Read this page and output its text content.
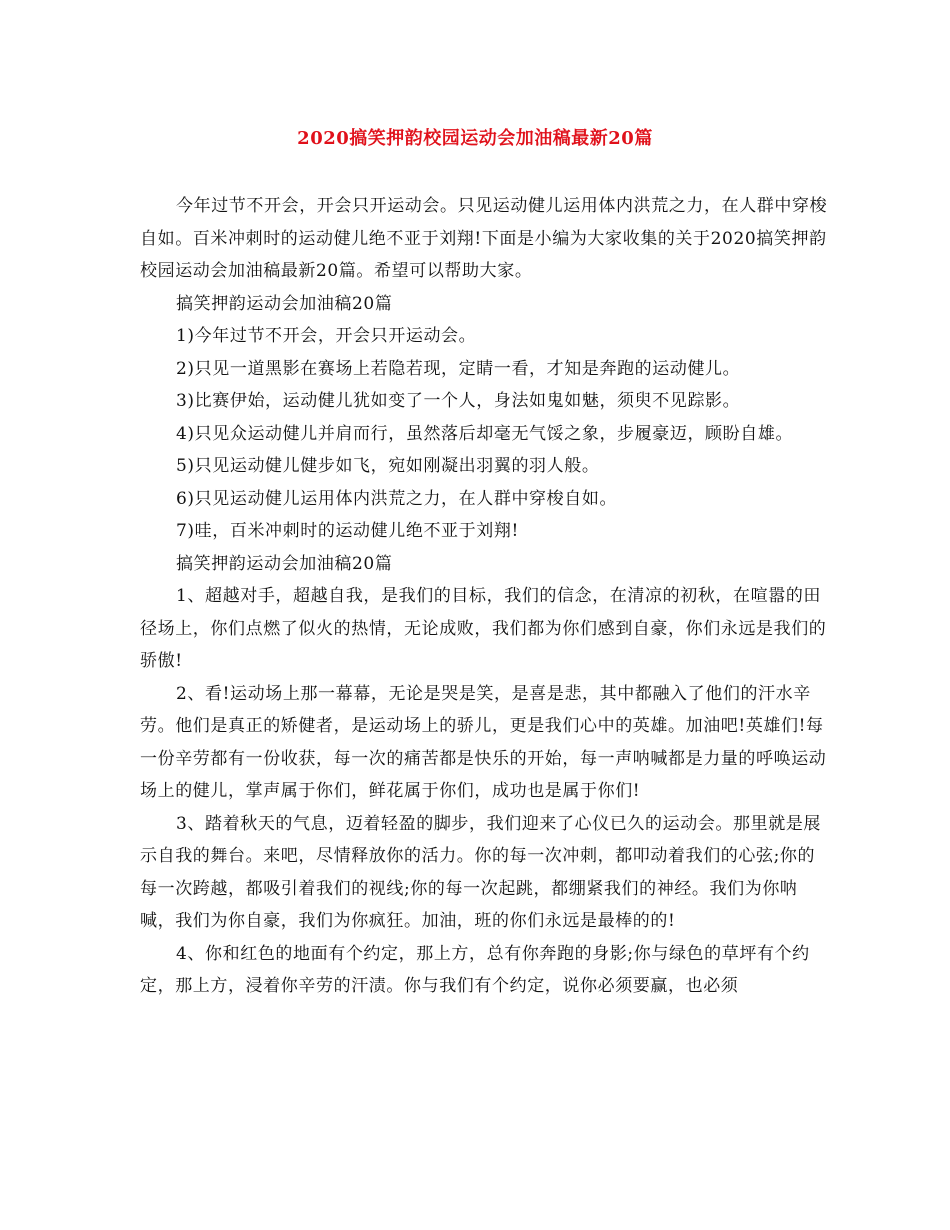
2020搞笑押韵校园运动会加油稿最新20篇

今年过节不开会，开会只开运动会。只见运动健儿运用体内洪荒之力，在人群中穿梭自如。百米冲刺时的运动健儿绝不亚于刘翔!下面是小编为大家收集的关于2020搞笑押韵校园运动会加油稿最新20篇。希望可以帮助大家。

搞笑押韵运动会加油稿20篇

1)今年过节不开会，开会只开运动会。

2)只见一道黑影在赛场上若隐若现，定睛一看，才知是奔跑的运动健儿。

3)比赛伊始，运动健儿犹如变了一个人，身法如鬼如魅，须臾不见踪影。

4)只见众运动健儿并肩而行，虽然落后却毫无气馁之象，步履豪迈，顾盼自雄。

5)只见运动健儿健步如飞，宛如刚凝出羽翼的羽人般。

6)只见运动健儿运用体内洪荒之力，在人群中穿梭自如。

7)哇，百米冲刺时的运动健儿绝不亚于刘翔!

搞笑押韵运动会加油稿20篇

1、超越对手，超越自我，是我们的目标，我们的信念，在清凉的初秋，在喧嚣的田径场上，你们点燃了似火的热情，无论成败，我们都为你们感到自豪，你们永远是我们的骄傲!

2、看!运动场上那一幕幕，无论是哭是笑，是喜是悲，其中都融入了他们的汗水辛劳。他们是真正的矫健者，是运动场上的骄儿，更是我们心中的英雄。加油吧!英雄们!每一份辛劳都有一份收获，每一次的痛苦都是快乐的开始，每一声呐喊都是力量的呼唤运动场上的健儿，掌声属于你们，鲜花属于你们，成功也是属于你们!

3、踏着秋天的气息，迈着轻盈的脚步，我们迎来了心仪已久的运动会。那里就是展示自我的舞台。来吧，尽情释放你的活力。你的每一次冲刺，都叩动着我们的心弦;你的每一次跨越，都吸引着我们的视线;你的每一次起跳，都绷紧我们的神经。我们为你呐喊，我们为你自豪，我们为你疯狂。加油，班的你们永远是最棒的的!

4、你和红色的地面有个约定，那上方，总有你奔跑的身影;你与绿色的草坪有个约定，那上方，浸着你辛劳的汗渍。你与我们有个约定，说你必须要赢，也必须
